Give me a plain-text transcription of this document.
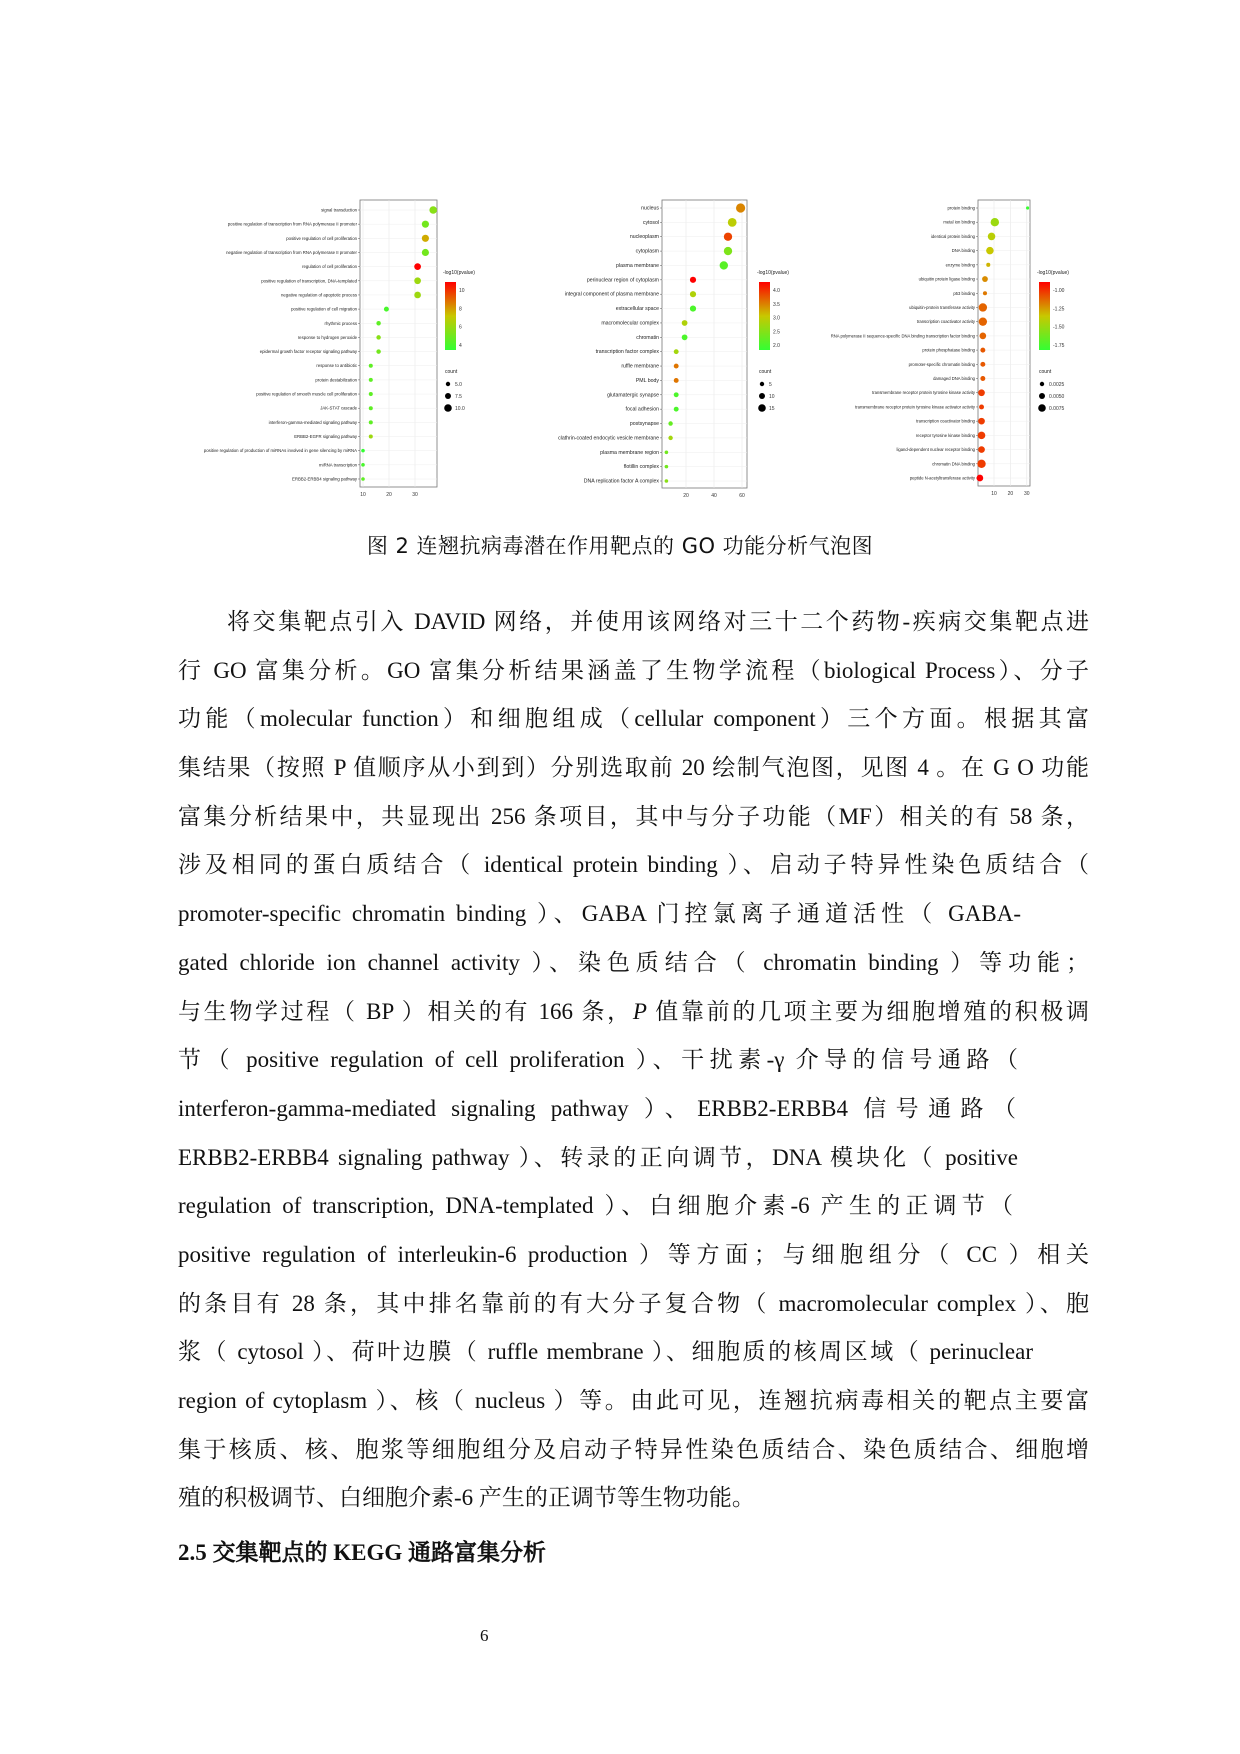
10	20	30
signal transduction
positive regulation of transcription from RNA polymerase II promoter
positive regulation of cell proliferation
negative regulation of transcription from RNA polymerase II promoter
regulation of cell proliferation
positive regulation of transcription, DNA-templated
negative regulation of apoptotic process
positive regulation of cell migration
rhythmic process
response to hydrogen peroxide
epidermal growth factor receptor signaling pathway
response to antibiotic
protein destabilization
positive regulation of smooth muscle cell proliferation
JAK-STAT cascade
interferon-gamma-mediated signaling pathway
ERBB2-EGFR signaling pathway
positive regulation of production of miRNAs involved in gene silencing by miRNA
miRNA transcription
ERBB2-ERBB4 signaling pathway
-log10(pvalue)
10
8
6
4
count
5.0
7.5
10.0
20	40	60
nucleus
cytosol
nucleoplasm
cytoplasm
plasma membrane
perinuclear region of cytoplasm
integral component of plasma membrane
extracellular space
macromolecular complex
chromatin
transcription factor complex
ruffle membrane
PML body
glutamatergic synapse
focal adhesion
postsynapse
clathrin-coated endocytic vesicle membrane
plasma membrane region
flotillin complex
DNA replication factor A complex
-log10(pvalue)
4.0
3.5
3.0
2.5
2.0
count
5
10
15
10 20 30
protein binding
metal ion binding
identical protein binding
DNA binding
enzyme binding
ubiquitin protein ligase binding
p53 binding
ubiquitin-protein transferase activity
transcription coactivator activity
RNA polymerase II sequence-specific DNA binding transcription factor binding
protein phosphatase binding
promoter-specific chromatin binding
damaged DNA binding
transmembrane receptor protein tyrosine kinase activity
transmembrane receptor protein tyrosine kinase activator activity
transcription coactivator binding
receptor tyrosine kinase binding
ligand-dependent nuclear receptor binding
chromatin DNA binding
peptide N-acetyltransferase activity
-log10(pvalue)
-1.00
-1.25
-1.50
-1.75
count
0.0025
0.0050
0.0075
图 2 连翘抗病毒潜在作用靶点的 GO 功能分析气泡图
将交集靶点引入 DAVID 网络，并使用该网络对三十二个药物-疾病交集靶点进
行 GO 富集分析。GO 富集分析结果涵盖了生物学流程（biological Process）、分子
功能（molecular function）和细胞组成（cellular component）三个方面。根据其富
集结果（按照 P 值顺序从小到到）分别选取前 20 绘制气泡图，见图 4 。在 G O 功能
富集分析结果中，共显现出 256 条项目，其中与分子功能（MF）相关的有 58 条，
涉及相同的蛋白质结合（ identical protein binding ）、启动子特异性染色质结合（
promoter-specific chromatin binding ）、GABA 门控氯离子通道活性（ GABA-
gated chloride ion channel activity ）、染色质结合（ chromatin binding ）等功能；
与生物学过程（ BP ）相关的有 166 条，P 值靠前的几项主要为细胞增殖的积极调
节（ positive regulation of cell proliferation ）、干扰素-γ 介导的信号通路（
interferon-gamma-mediated signaling pathway ）、ERBB2-ERBB4 信号通路（
ERBB2-ERBB4 signaling pathway ）、转录的正向调节，DNA 模块化（ positive
regulation of transcription, DNA-templated ）、白细胞介素-6 产生的正调节（
positive regulation of interleukin-6 production ）等方面；与细胞组分（ CC ）相关
的条目有 28 条，其中排名靠前的有大分子复合物（ macromolecular complex ）、胞
浆（ cytosol ）、荷叶边膜（ ruffle membrane ）、细胞质的核周区域（ perinuclear
region of cytoplasm ）、核（ nucleus ）等。由此可见，连翘抗病毒相关的靶点主要富
集于核质、核、胞浆等细胞组分及启动子特异性染色质结合、染色质结合、细胞增
殖的积极调节、白细胞介素-6 产生的正调节等生物功能。
2.5 交集靶点的 KEGG 通路富集分析
6
